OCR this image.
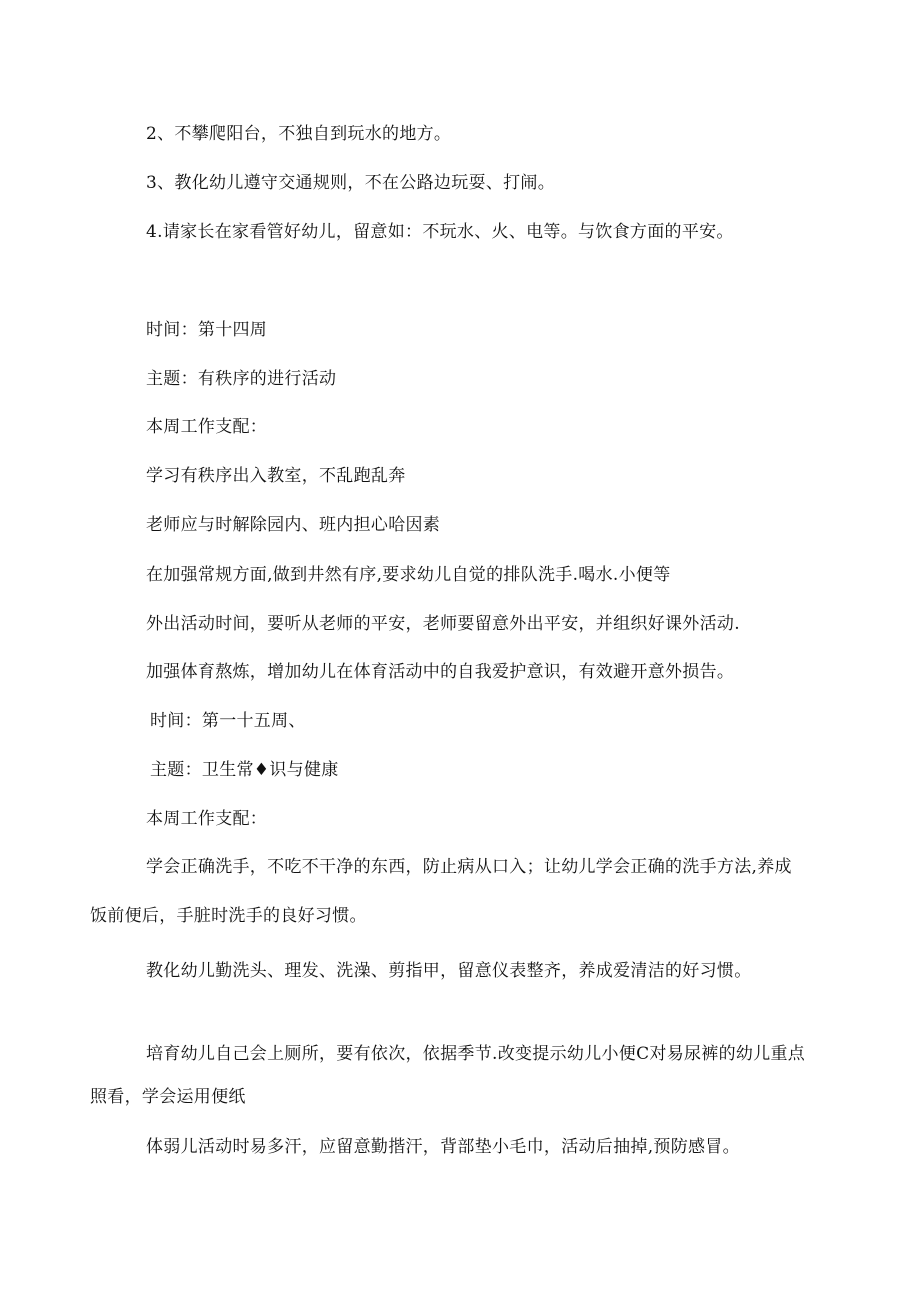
2、不攀爬阳台，不独自到玩水的地方。
3、教化幼儿遵守交通规则，不在公路边玩耍、打闹。
4.请家长在家看管好幼儿，留意如：不玩水、火、电等。与饮食方面的平安。
时间：第十四周
主题：有秩序的进行活动
本周工作支配：
学习有秩序出入教室，不乱跑乱奔
老师应与时解除园内、班内担心哈因素
在加强常规方面,做到井然有序,要求幼儿自觉的排队洗手.喝水.小便等
外出活动时间，要听从老师的平安，老师要留意外出平安，并组织好课外活动.
加强体育熬炼，增加幼儿在体育活动中的自我爱护意识，有效避开意外损告。
时间：第一十五周、
主题：卫生常♦识与健康
本周工作支配：
学会正确洗手，不吃不干净的东西，防止病从口入；让幼儿学会正确的洗手方法,养成
饭前便后，手脏时洗手的良好习惯。
教化幼儿勤洗头、理发、洗澡、剪指甲，留意仪表整齐，养成爱清洁的好习惯。
培育幼儿自己会上厕所，要有依次，依据季节.改变提示幼儿小便C对易尿裤的幼儿重点
照看，学会运用便纸
体弱儿活动时易多汗，应留意勤揩汗，背部垫小毛巾，活动后抽掉,预防感冒。
